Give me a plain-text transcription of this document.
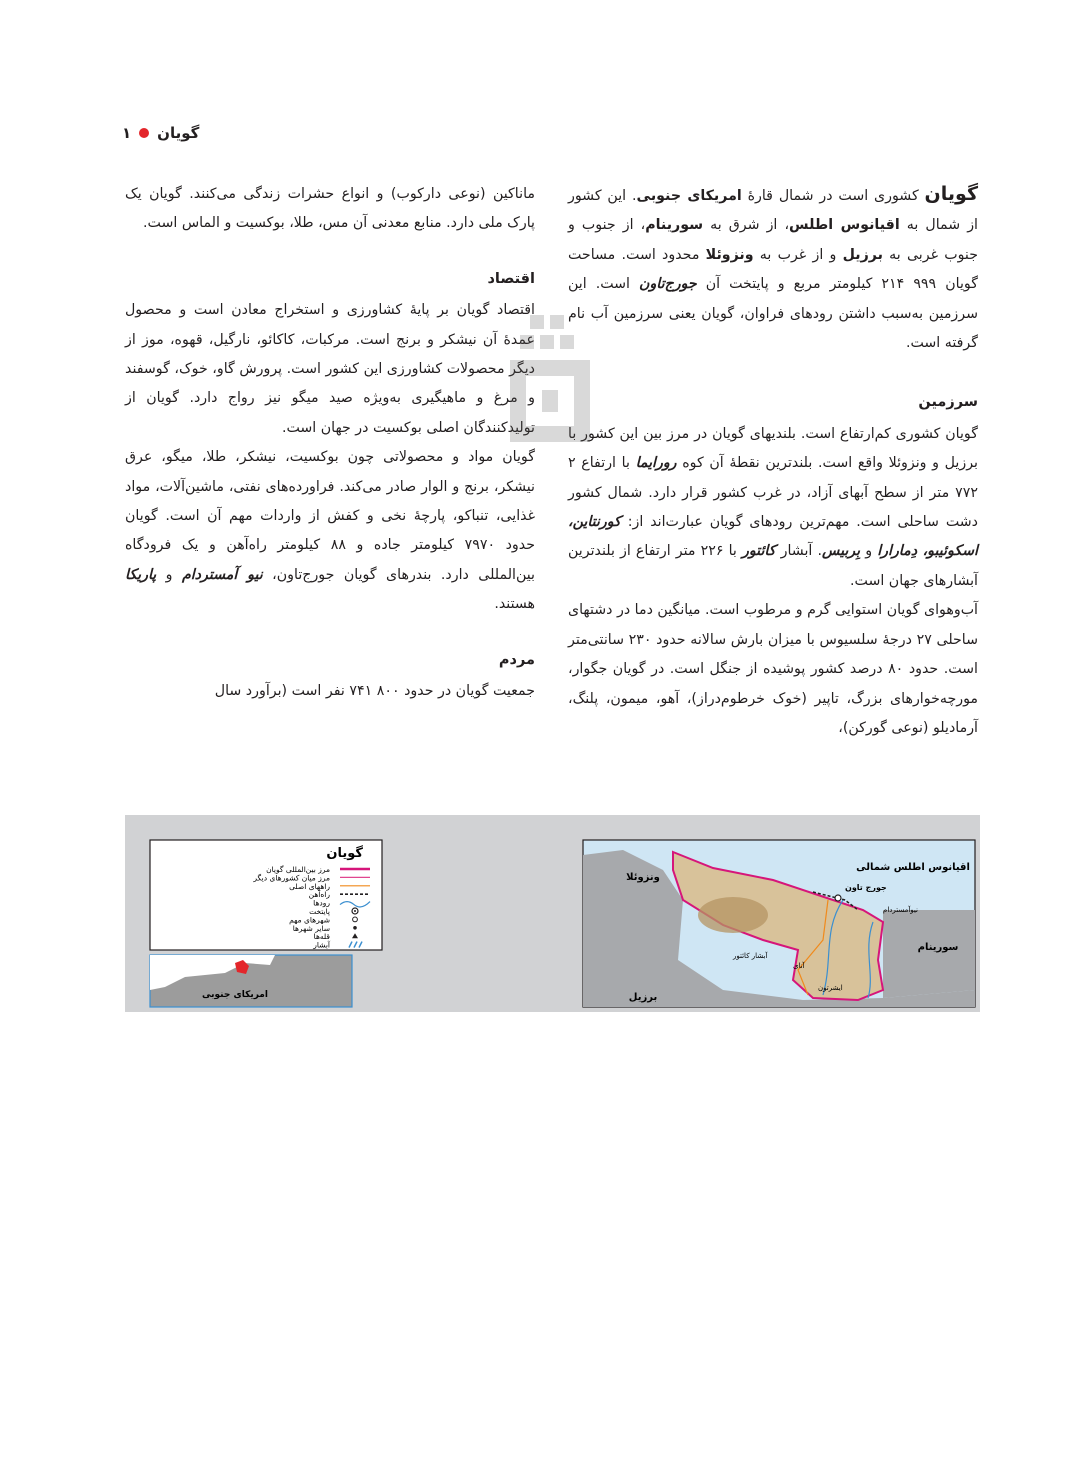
گویان
۱

گویان کشوری است در شمال قارهٔ امریکای جنوبی. این کشور از شمال به اقیانوس اطلس، از شرق به سورینام، از جنوب و جنوب غربی به برزیل و از غرب به ونزوئلا محدود است. مساحت گویان ۹۹۹ ۲۱۴ کیلومتر مربع و پایتخت آن جورج‌تاون است. این سرزمین به‌سبب داشتن رودهای فراوان، گویان یعنی سرزمین آب نام گرفته است.

سرزمین

گویان کشوری کم‌ارتفاع است. بلندیهای گویان در مرز بین این کشور با برزیل و ونزوئلا واقع است. بلندترین نقطهٔ آن کوه رورایما با ارتفاع ۲ ۷۷۲ متر از سطح آبهای آزاد، در غرب کشور قرار دارد. شمال کشور دشت ساحلی است. مهم‌ترین رودهای گویان عبارت‌اند از: کورنتاین، اسکوئیبو، دِمارارا و بِربیس. آبشار کائتور با ۲۲۶ متر ارتفاع از بلندترین آبشارهای جهان است.

آب‌وهوای گویان استوایی گرم و مرطوب است. میانگین دما در دشتهای ساحلی ۲۷ درجهٔ سلسیوس با میزان بارش سالانه حدود ۲۳۰ سانتی‌متر است. حدود ۸۰ درصد کشور پوشیده از جنگل است. در گویان جگوار، مورچه‌خوارهای بزرگ، تاپیر (خوک خرطوم‌دراز)، آهو، میمون، پلنگ، آرمادیلو (نوعی گورکن)،

ماناکین (نوعی دارکوب) و انواع حشرات زندگی می‌کنند. گویان یک پارک ملی دارد. منابع معدنی آن مس، طلا، بوکسیت و الماس است.

اقتصاد

اقتصاد گویان بر پایهٔ کشاورزی و استخراج معادن است و محصول عمدهٔ آن نیشکر و برنج است. مرکبات، کاکائو، نارگیل، قهوه، موز از دیگر محصولات کشاورزی این کشور است. پرورش گاو، خوک، گوسفند و مرغ و ماهیگیری به‌ویژه صید میگو نیز رواج دارد. گویان از تولیدکنندگان اصلی بوکسیت در جهان است.

گویان مواد و محصولاتی چون بوکسیت، نیشکر، طلا، میگو، عرق نیشکر، برنج و الوار صادر می‌کند. فراورده‌های نفتی، ماشین‌آلات، مواد غذایی، تنباکو، پارچهٔ نخی و کفش از واردات مهم آن است. گویان حدود ۷۹۷۰ کیلومتر جاده و ۸۸ کیلومتر راه‌آهن و یک فرودگاه بین‌المللی دارد. بندرهای گویان جورج‌تاون، نیو آمستردام و پاریکا هستند.

مردم

جمعیت گویان در حدود ۸۰۰ ۷۴۱ نفر است (برآورد سال

گویان
مرز بین‌المللی گویان
مرز میان کشورهای دیگر
راههای اصلی
راه‌آهن
رودها
پایتخت
شهرهای مهم
سایر شهرها
قله‌ها
آبشار
امریکای جنوبی
اقیانوس اطلس شمالی
ونزوئلا
سورینام
برزیل
جورج تاون
نیوآمستردام
آبشار کائتور
آنای
ایشرتون
